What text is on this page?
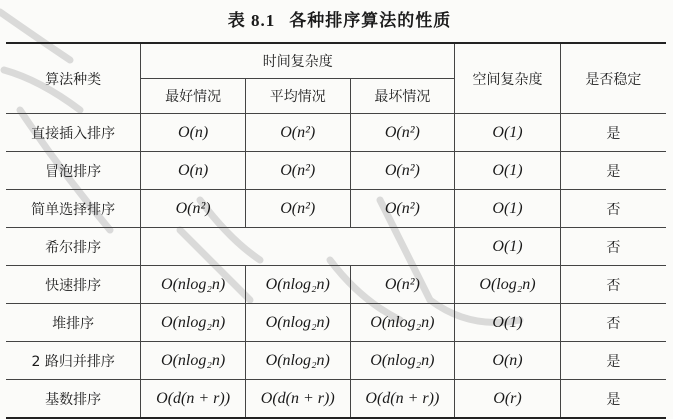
表 8.1 各种排序算法的性质
算法种类	时间复杂度			空间复杂度	是否稳定
	最好情况	平均情况	最坏情况		
直接插入排序	O(n)	O(n²)	O(n²)	O(1)	是
冒泡排序	O(n)	O(n²)	O(n²)	O(1)	是
简单选择排序	O(n²)	O(n²)	O(n²)	O(1)	否
希尔排序				O(1)	否
快速排序	O(nlog₂n)	O(nlog₂n)	O(n²)	O(log₂n)	否
堆排序	O(nlog₂n)	O(nlog₂n)	O(nlog₂n)	O(1)	否
2 路归并排序	O(nlog₂n)	O(nlog₂n)	O(nlog₂n)	O(n)	是
基数排序	O(d(n + r))	O(d(n + r))	O(d(n + r))	O(r)	是
